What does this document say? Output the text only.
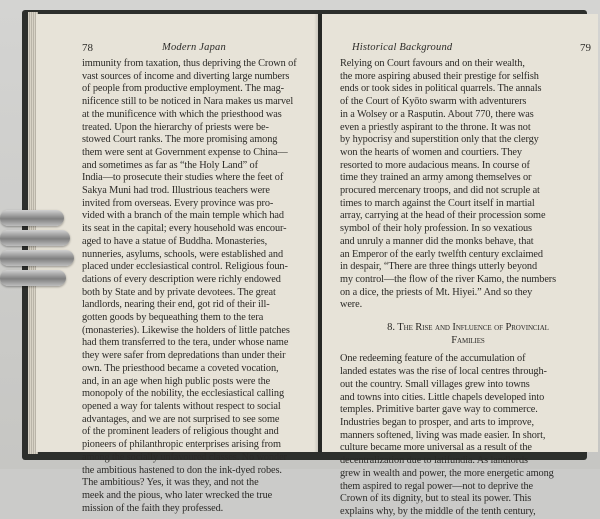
78	Modern Japan
immunity from taxation, thus depriving the Crown of
vast sources of income and diverting large numbers
of people from productive employment. The mag-
nificence still to be noticed in Nara makes us marvel
at the munificence with which the priesthood was
treated. Upon the hierarchy of priests were be-
stowed Court ranks. The more promising among
them were sent at Government expense to China—
and sometimes as far as “the Holy Land” of
India—to prosecute their studies where the feet of
Sakya Muni had trod. Illustrious teachers were
invited from overseas. Every province was pro-
vided with a branch of the main temple which had
its seat in the capital; every household was encour-
aged to have a statue of Buddha. Monasteries,
nunneries, asylums, schools, were established and
placed under ecclesiastical control. Religious foun-
dations of every description were richly endowed
both by State and by private devotees. The great
landlords, nearing their end, got rid of their ill-
gotten goods by bequeathing them to the tera
(monasteries). Likewise the holders of little patches
had them transferred to the tera, under whose name
they were safer from depredations than under their
own. The priesthood became a coveted vocation,
and, in an age when high public posts were the
monopoly of the nobility, the ecclesiastical calling
opened a way for talents without respect to social
advantages, and we are not surprised to see some
of the prominent leaders of religious thought and
pioneers of philanthropic enterprises arising from
among the socially unfavoured classes. No wonder
the ambitious hastened to don the ink-dyed robes.
The ambitious? Yes, it was they, and not the
meek and the pious, who later wrecked the true
mission of the faith they professed.
Historical Background	79
Relying on Court favours and on their wealth,
the more aspiring abused their prestige for selfish
ends or took sides in political quarrels. The annals
of the Court of Kyōto swarm with adventurers
in a Wolsey or a Rasputin. About 770, there was
even a priestly aspirant to the throne. It was not
by hypocrisy and superstition only that the clergy
won the hearts of women and courtiers. They
resorted to more audacious means. In course of
time they trained an army among themselves or
procured mercenary troops, and did not scruple at
times to march against the Court itself in martial
array, carrying at the head of their procession some
symbol of their holy profession. In so vexatious
and unruly a manner did the monks behave, that
an Emperor of the early twelfth century exclaimed
in despair, “There are three things utterly beyond
my control—the flow of the river Kamo, the numbers
on a dice, the priests of Mt. Hiyei.” And so they
were.
8. The Rise and Influence of Provincial
Families
One redeeming feature of the accumulation of
landed estates was the rise of local centres through-
out the country. Small villages grew into towns
and towns into cities. Little chapels developed into
temples. Primitive barter gave way to commerce.
Industries began to prosper, and arts to improve,
manners softened, living was made easier. In short,
culture became more universal as a result of the
decentralization due to latifundia. As landlords
grew in wealth and power, the more energetic among
them aspired to regal power—not to deprive the
Crown of its dignity, but to steal its power. This
explains why, by the middle of the tenth century,
